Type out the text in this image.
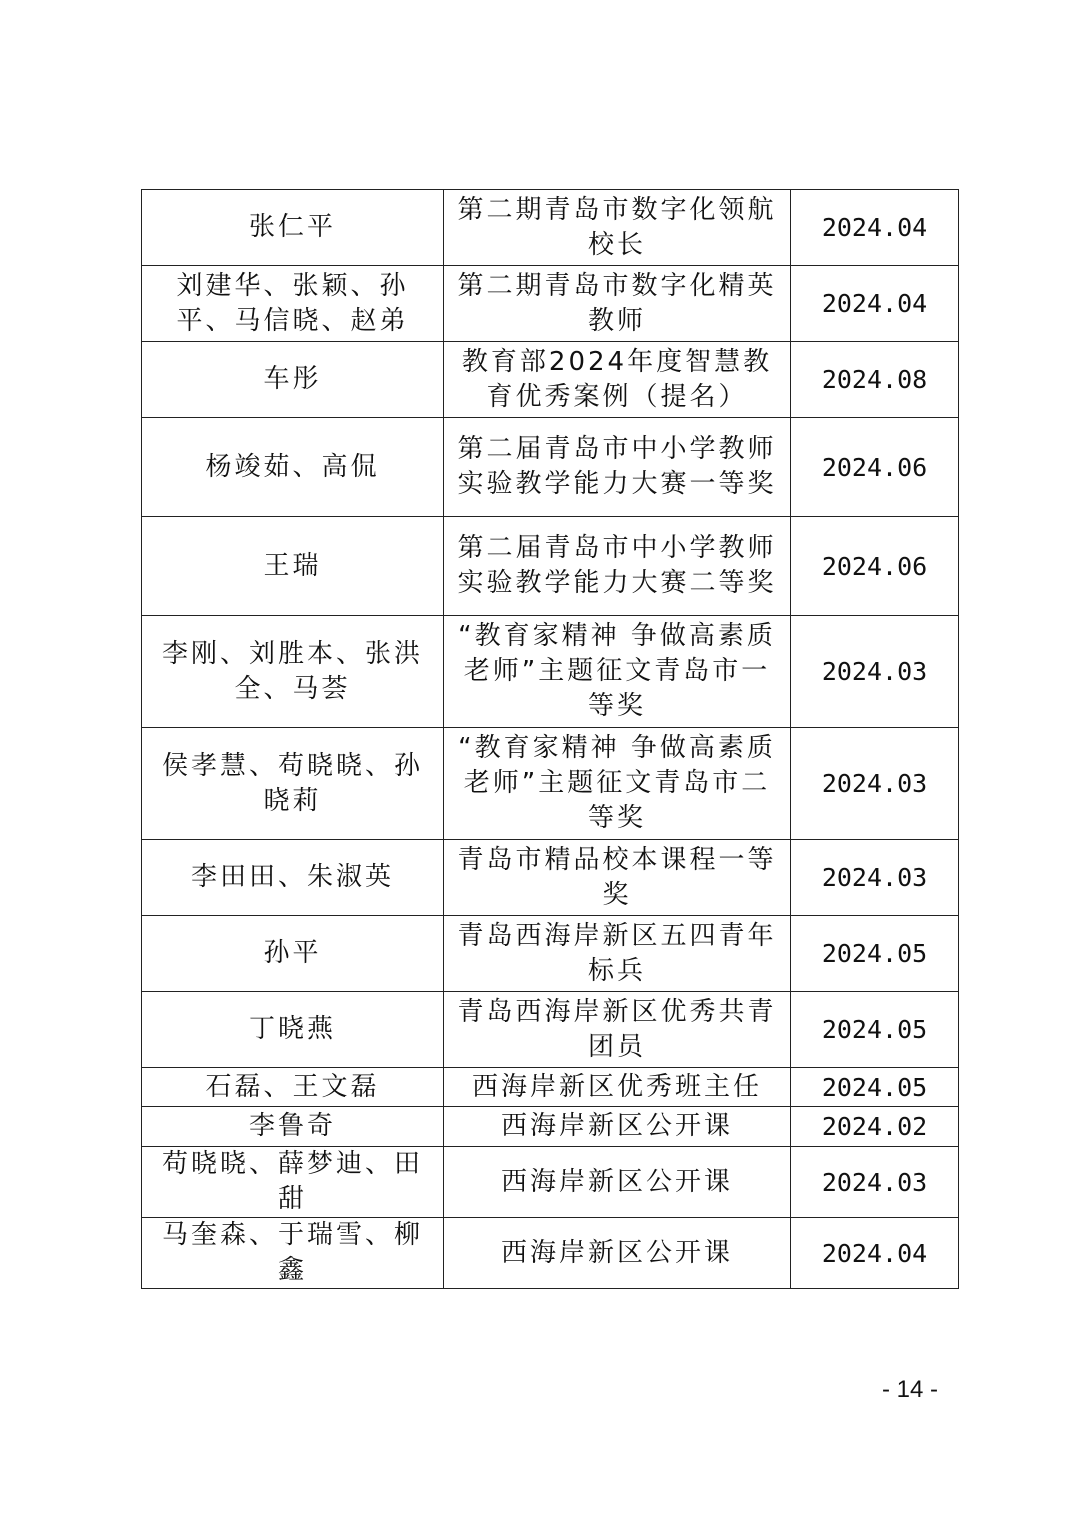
张仁平	第二期青岛市数字化领航校长	2024.04
刘建华、张颖、孙平、马信晓、赵弟	第二期青岛市数字化精英教师	2024.04
车彤	教育部2024年度智慧教育优秀案例（提名）	2024.08
杨竣茹、高侃	第二届青岛市中小学教师实验教学能力大赛一等奖	2024.06
王瑞	第二届青岛市中小学教师实验教学能力大赛二等奖	2024.06
李刚、刘胜本、张洪全、马荟	“教育家精神 争做高素质老师”主题征文青岛市一等奖	2024.03
侯孝慧、苟晓晓、孙晓莉	“教育家精神 争做高素质老师”主题征文青岛市二等奖	2024.03
李田田、朱淑英	青岛市精品校本课程一等奖	2024.03
孙平	青岛西海岸新区五四青年标兵	2024.05
丁晓燕	青岛西海岸新区优秀共青团员	2024.05
石磊、王文磊	西海岸新区优秀班主任	2024.05
李鲁奇	西海岸新区公开课	2024.02
苟晓晓、薛梦迪、田甜	西海岸新区公开课	2024.03
马奎森、于瑞雪、柳鑫	西海岸新区公开课	2024.04
- 14 -
